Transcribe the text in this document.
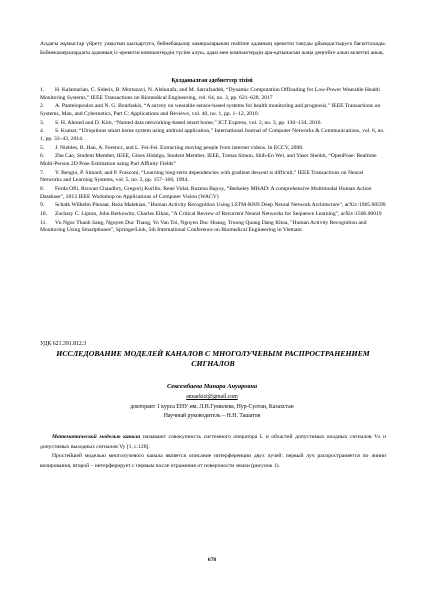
Алдағы жұмыстар үйрету уақытын қысқартуға, бейнебақылау камераларынан realtime адамның әрекетін тануды ұйымдастыруға бағытталады. Бейнекамералардағы адамның іс-әрекетін компьютердің түсіне алуы, адам мен компьютердің ара-қатынасын жаңа деңгейге алып келетіні анық.
Қолданылған әдебиеттер тізімі
1. H. Kalantarian, C. Sideris, B. Mortazavi, N. Alshurafa, and M. Sarrafzadeh, “Dynamic Computation Offloading for Low-Power Wearable Health Monitoring Systems,” IEEE Transactions on Biomedical Engineering, vol. 64, no. 3, pp. 621–628, 2017
2. A. Pantelopoulos and N. G. Bourbakis, “A survey on wearable sensor-based systems for health monitoring and prognosis,” IEEE Transactions on Systems, Man, and Cybernetics, Part C: Applications and Reviews, vol. 40, no. 1, pp. 1–12, 2010.
3. S. H. Ahmed and D. Kim, “Named data networking-based smart home,” ICT Express, vol. 2, no. 3, pp. 130–134, 2016.
4. S. Kumar, “Ubiquitous smart home system using android application,” International Journal of Computer Networks & Communications, vol. 6, no. 1, pp. 33–43, 2014.
5. J. Niebles, B. Han, A. Ferencz, and L. Fei-Fei. Extracting moving people from internet videos. In ECCV, 2008.
6. Zhe Cao, Student Member, IEEE, Gines Hidalgo, Student Member, IEEE, Tomas Simon, Shih-En Wei, and Yaser Sheikh, “OpenPose: Realtime Multi-Person 2D Pose Estimation using Part Affinity Fields”
7. Y. Bengio, P. Simard, and P. Frasconi, “Learning long-term dependencies with gradient descent is difficult,” IEEE Transactions on Neural Networks and Learning Systems, vol. 5, no. 2, pp. 157–166, 1994.
8. Ferda Ofli, Rizwan Chaudhry, Gregorij Kurillo, René Vidal, Ruzena Bajcsy, “Berkeley MHAD: A comprehensive Multimodal Human Action Database”, 2013 IEEE Workshop on Applications of Computer Vision (WACV)
9. Schalk Wilhelm Pienaar, Reza Malekian, "Human Activity Recognition Using LSTM-RNN Deep Neural Network Architecture", arXiv:1905.00599
10. Zachary C. Lipton, John Berkowitz, Charles Elkan, "A Critical Review of Recurrent Neural Networks for Sequence Learning", arXiv:1506.00019
11. Vu Ngoc Thanh Sang, Nguyen Duc Thang, Vo Van Toi, Nguyen Duc Hoang, Truong Quang Dang Khoa, "Human Activity Recognition and Monitoring Using Smartphones", SpringerLink, 5th International Conference on Biomedical Engineering in Vietnam
УДК 621.391.812.3
ИССЛЕДОВАНИЕ МОДЕЛЕЙ КАНАЛОВ С МНОГОЛУЧЕВЫМ РАСПРОСТРАНЕНИЕМ СИГНАЛОВ
Сексембаева Манара Ануаровна
anuarkizi@gmail.com
докторант 1 курса ЕНУ им. Л.Н.Гумилева, Нур-Султан, Казахстан
Научный руководитель – Н.Н. Ташатов

Математической моделью канала называют совокупность системного оператора L и областей допустимых входных сигналов Vs и допустимых выходных сигналов Vy [1, с.128].

Простейшей моделью многолучевого канала является описание интерференции двух лучей: первый луч распространяется по линии визирования, второй – интерферирует с первым после отражения от поверхности земли (рисунок 1).

678
